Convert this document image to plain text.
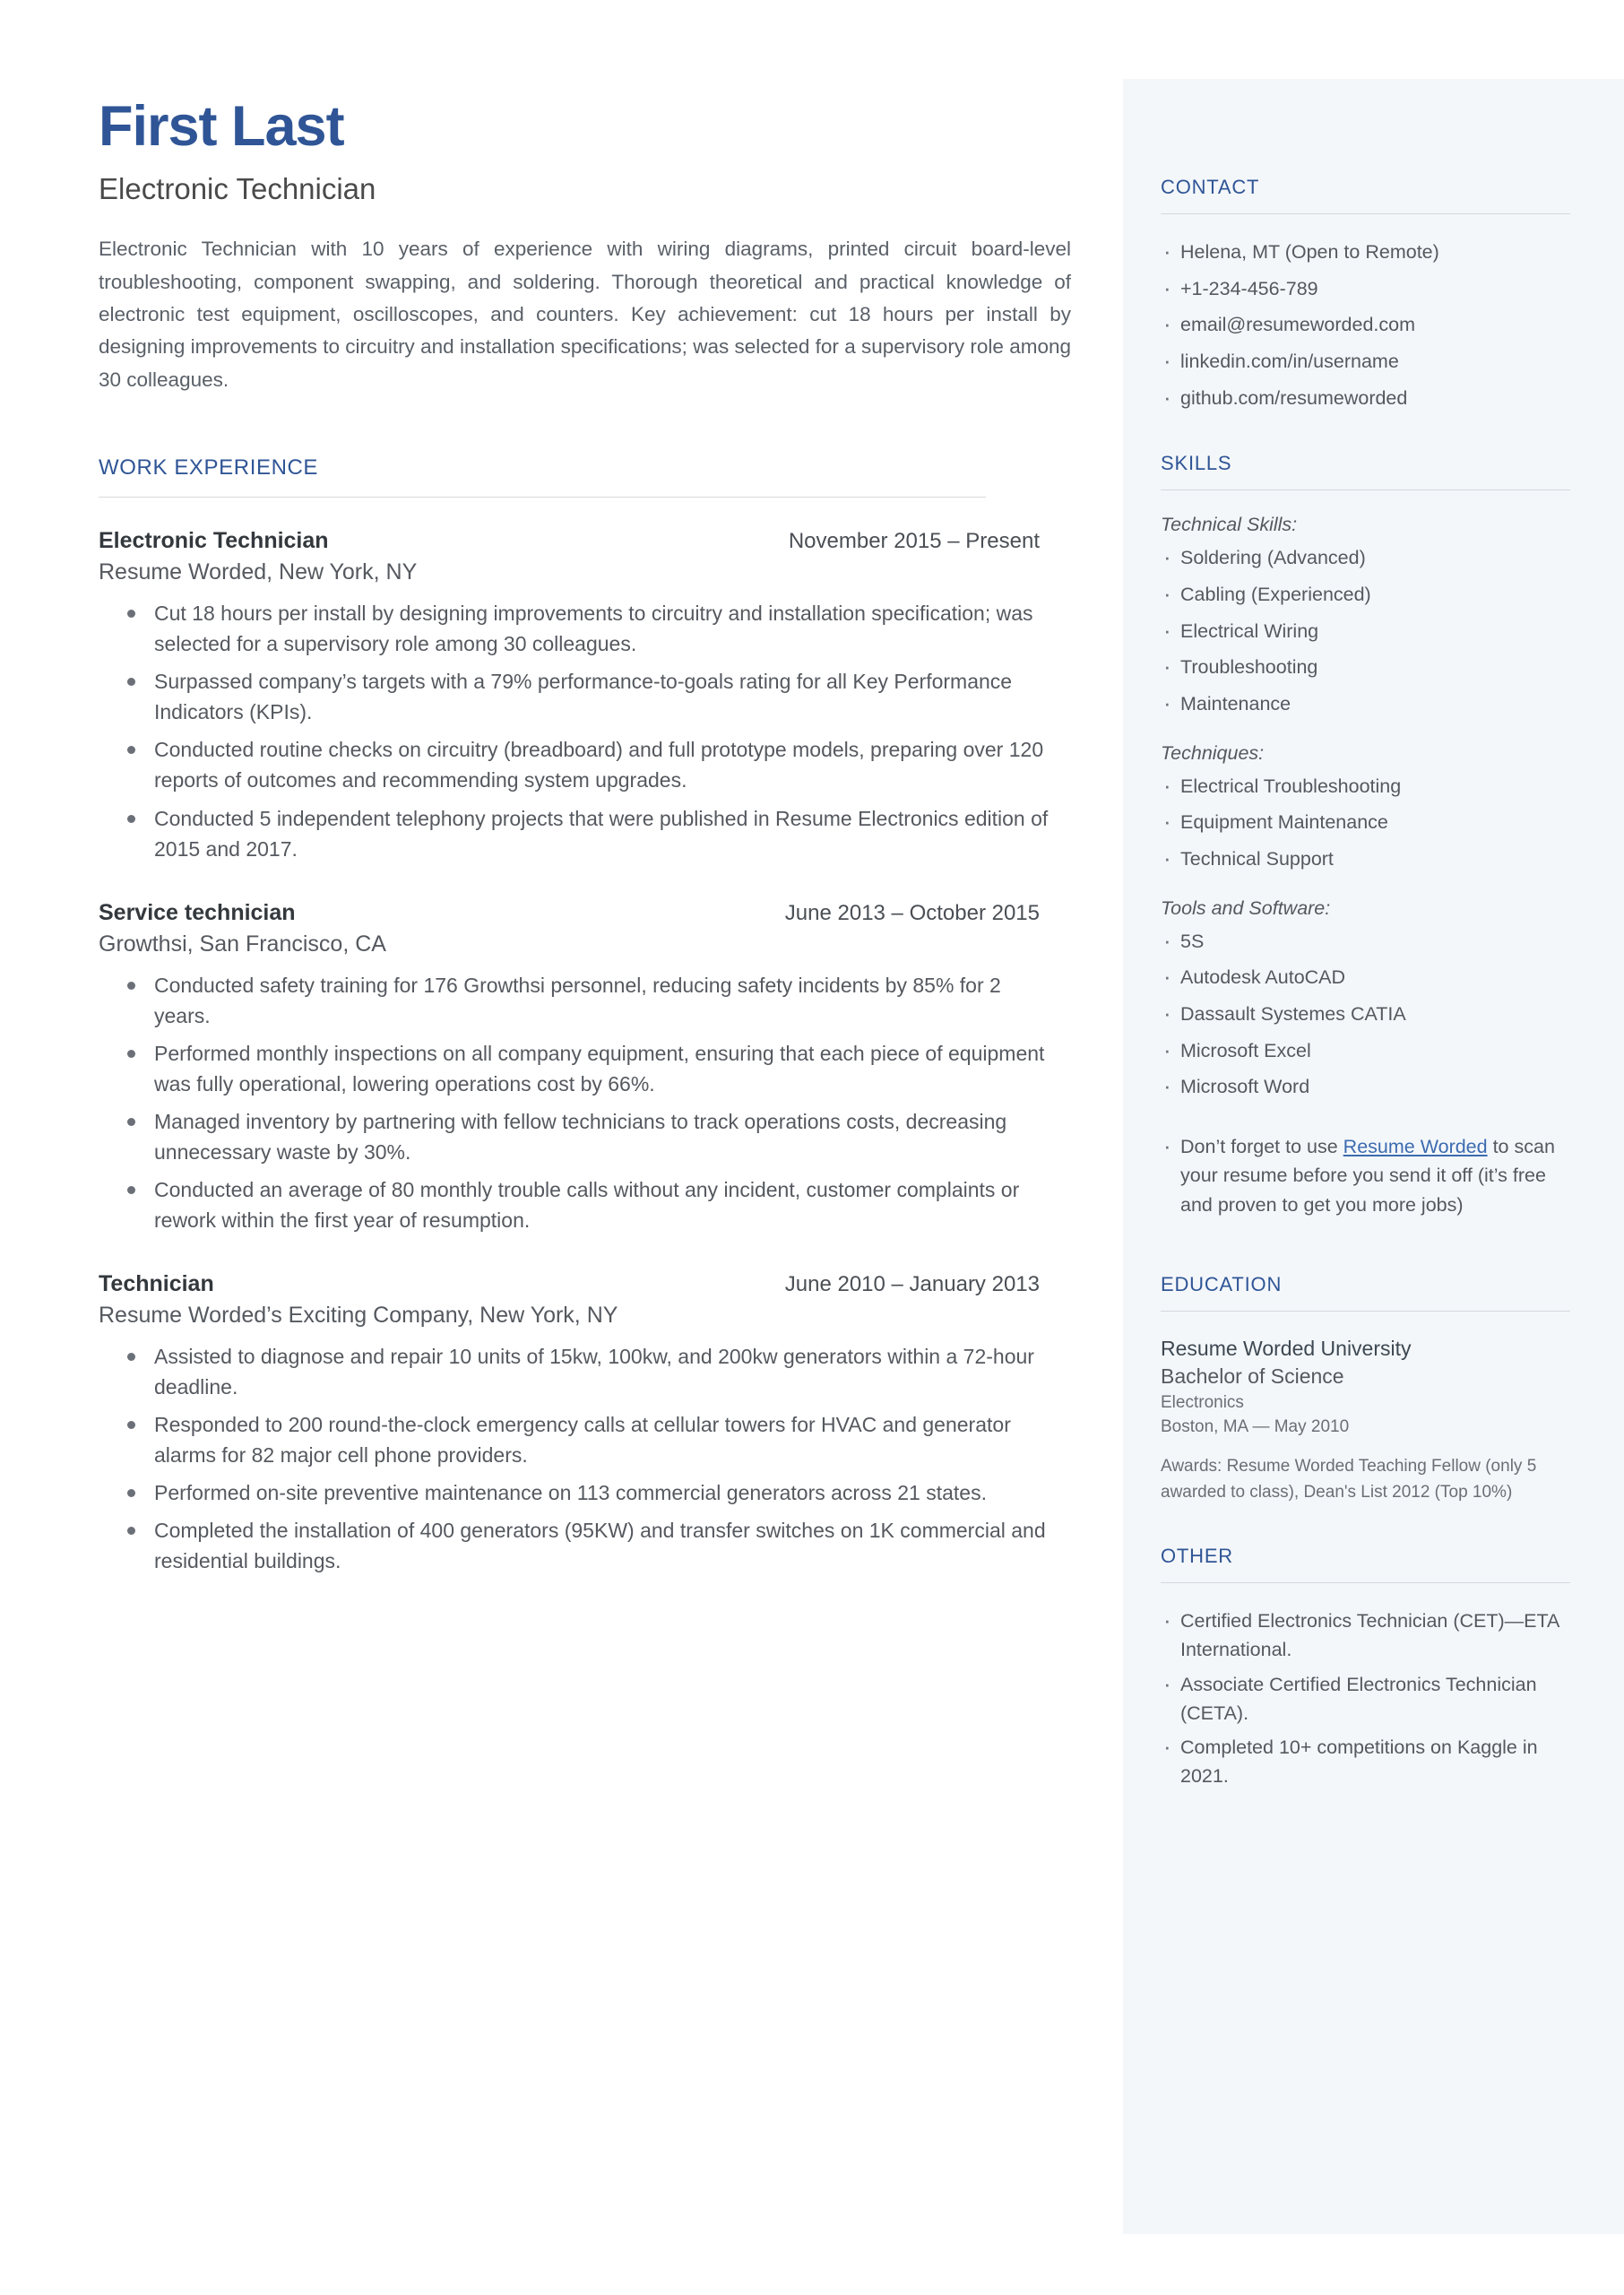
First Last
Electronic Technician

Electronic Technician with 10 years of experience with wiring diagrams, printed circuit board-level troubleshooting, component swapping, and soldering. Thorough theoretical and practical knowledge of electronic test equipment, oscilloscopes, and counters. Key achievement: cut 18 hours per install by designing improvements to circuitry and installation specifications; was selected for a supervisory role among 30 colleagues.

WORK EXPERIENCE
Electronic Technician	November 2015 – Present
Resume Worded, New York, NY
Cut 18 hours per install by designing improvements to circuitry and installation specification; was selected for a supervisory role among 30 colleagues.
Surpassed company’s targets with a 79% performance-to-goals rating for all Key Performance Indicators (KPIs).
Conducted routine checks on circuitry (breadboard) and full prototype models, preparing over 120 reports of outcomes and recommending system upgrades.
Conducted 5 independent telephony projects that were published in Resume Electronics edition of 2015 and 2017.
Service technician	June 2013 – October 2015
Growthsi, San Francisco, CA
Conducted safety training for 176 Growthsi personnel, reducing safety incidents by 85% for 2 years.
Performed monthly inspections on all company equipment, ensuring that each piece of equipment was fully operational, lowering operations cost by 66%.
Managed inventory by partnering with fellow technicians to track operations costs, decreasing unnecessary waste by 30%.
Conducted an average of 80 monthly trouble calls without any incident, customer complaints or rework within the first year of resumption.
Technician	June 2010 – January 2013
Resume Worded’s Exciting Company, New York, NY
Assisted to diagnose and repair 10 units of 15kw, 100kw, and 200kw generators within a 72-hour deadline.
Responded to 200 round-the-clock emergency calls at cellular towers for HVAC and generator alarms for 82 major cell phone providers.
Performed on-site preventive maintenance on 113 commercial generators across 21 states.
Completed the installation of 400 generators (95KW) and transfer switches on 1K commercial and residential buildings.
CONTACT
· Helena, MT (Open to Remote)
· +1-234-456-789
· email@resumeworded.com
· linkedin.com/in/username
· github.com/resumeworded
SKILLS
Technical Skills:
· Soldering (Advanced)
· Cabling (Experienced)
· Electrical Wiring
· Troubleshooting
· Maintenance
Techniques:
· Electrical Troubleshooting
· Equipment Maintenance
· Technical Support
Tools and Software:
· 5S
· Autodesk AutoCAD
· Dassault Systemes CATIA
· Microsoft Excel
· Microsoft Word
· Don’t forget to use Resume Worded to scan your resume before you send it off (it’s free and proven to get you more jobs)
EDUCATION
Resume Worded University
Bachelor of Science
Electronics
Boston, MA — May 2010
Awards: Resume Worded Teaching Fellow (only 5 awarded to class), Dean's List 2012 (Top 10%)
OTHER
· Certified Electronics Technician (CET)—ETA International.
· Associate Certified Electronics Technician (CETA).
· Completed 10+ competitions on Kaggle in 2021.
